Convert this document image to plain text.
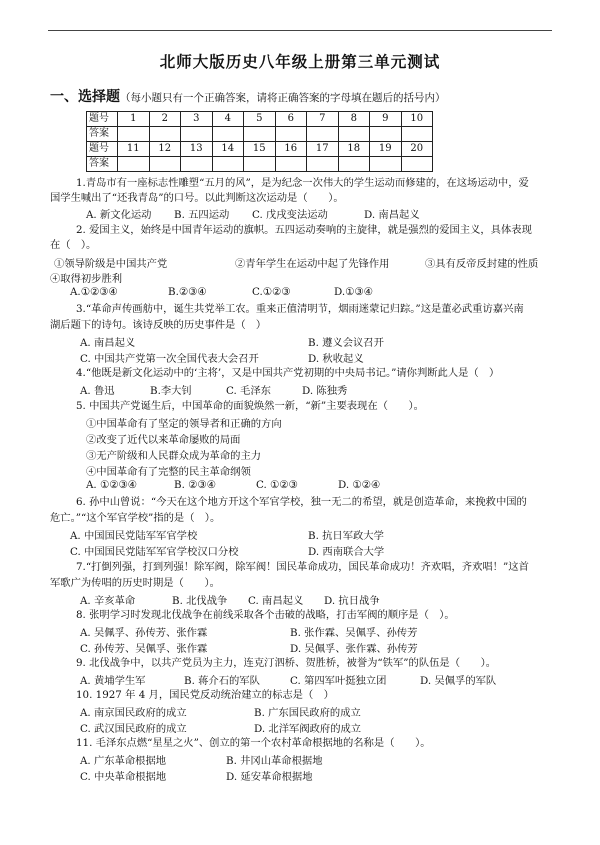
北师大版历史八年级上册第三单元测试
一、选择题（每小题只有一个正确答案，请将正确答案的字母填在题后的括号内）
题号	1	2	3	4	5	6	7	8	9	10
答案										
题号	11	12	13	14	15	16	17	18	19	20
答案										
1.青岛市有一座标志性雕塑“五月的风”，是为纪念一次伟大的学生运动而修建的，在这场运动中，爱
国学生喊出了“还我青岛”的口号。以此判断这次运动是（　　）。
A. 新文化运动 B. 五四运动 C. 戊戌变法运动	D. 南昌起义
2. 爱国主义，始终是中国青年运动的旗帜。五四运动奏响的主旋律，就是强烈的爱国主义，具体表现
在（　）。
①领导阶级是中国共产党	②青年学生在运动中起了先锋作用	③具有反帝反封建的性质
④取得初步胜利
A.①②③④	B.②③④	C.①②③	D.①③④
3.“革命声传画舫中，诞生共党举工农。重来正值清明节，烟雨迷蒙记归踪。”这是董必武重访嘉兴南
湖后题下的诗句。该诗反映的历史事件是（　）
A. 南昌起义	B. 遵义会议召开
C. 中国共产党第一次全国代表大会召开	D. 秋收起义
4.“他既是新文化运动中的‘主将’，又是中国共产党初期的中央局书记。”请你判断此人是（　）
A. 鲁迅	B.李大钊	C. 毛泽东	D. 陈独秀
5. 中国共产党诞生后，中国革命的面貌焕然一新，“新”主要表现在（　　）。
①中国革命有了坚定的领导者和正确的方向
②改变了近代以来革命屡败的局面
③无产阶级和人民群众成为革命的主力
④中国革命有了完整的民主革命纲领
A. ①②③④	B. ②③④	C. ①②③	D. ①②④
6. 孙中山曾说：“今天在这个地方开这个军官学校，独一无二的希望，就是创造革命，来挽救中国的
危亡。”“这个军官学校”指的是（　）。
A. 中国国民党陆军军官学校	B. 抗日军政大学
C. 中国国民党陆军军官学校汉口分校	D. 西南联合大学
7.“打倒列强，打到列强！除军阀，除军阀！国民革命成功，国民革命成功！齐欢唱，齐欢唱！”这首
军歌广为传唱的历史时期是（　　）。
A. 辛亥革命	B. 北伐战争 C. 南昌起义 D. 抗日战争
8. 张明学习时发现北伐战争在前线采取各个击破的战略，打击军阀的顺序是（　）。
A. 吴佩孚、孙传芳、张作霖	B. 张作霖、吴佩孚、孙传芳
C. 孙传芳、吴佩孚、张作霖	D. 吴佩孚、张作霖、孙传芳
9. 北伐战争中，以共产党员为主力，连克汀泗桥、贺胜桥，被誉为“铁军”的队伍是（　　）。
A. 黄埔学生军	B. 蒋介石的军队	C. 第四军叶挺独立团	D. 吴佩孚的军队
10. 1927 年 4 月，国民党反动统治建立的标志是（　）
A. 南京国民政府的成立	B. 广东国民政府的成立
C. 武汉国民政府的成立	D. 北洋军阀政府的成立
11. 毛泽东点燃“星星之火”、创立的第一个农村革命根据地的名称是（　　）。
A. 广东革命根据地	B. 井冈山革命根据地
C. 中央革命根据地	D. 延安革命根据地
